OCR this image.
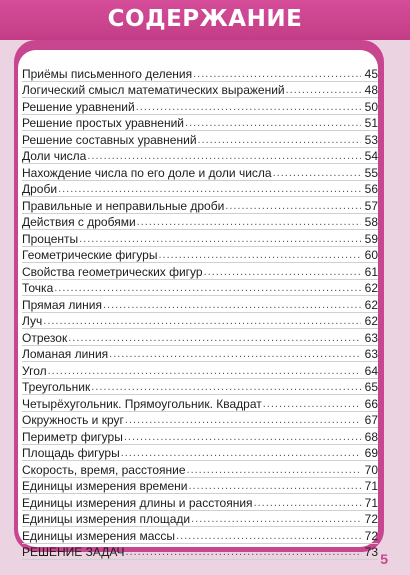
СОДЕРЖАНИЕ
Приёмы письменного деления .....	45
Логический смысл математических выражений .....	48
Решение уравнений .....	50
Решение простых уравнений .....	51
Решение составных уравнений .....	53
Доли числа .....	54
Нахождение числа по его доле и доли числа .....	55
Дроби .....	56
Правильные и неправильные дроби .....	57
Действия с дробями .....	58
Проценты .....	59
Геометрические фигуры .....	60
Свойства геометрических фигур .....	61
Точка .....	62
Прямая линия .....	62
Луч .....	62
Отрезок .....	63
Ломаная линия .....	63
Угол .....	64
Треугольник .....	65
Четырёхугольник. Прямоугольник. Квадрат .....	66
Окружность и круг .....	67
Периметр фигуры .....	68
Площадь фигуры .....	69
Скорость, время, расстояние .....	70
Единицы измерения времени .....	71
Единицы измерения длины и расстояния .....	71
Единицы измерения площади .....	72
Единицы измерения массы .....	72
РЕШЕНИЕ ЗАДАЧ .....	73 5
